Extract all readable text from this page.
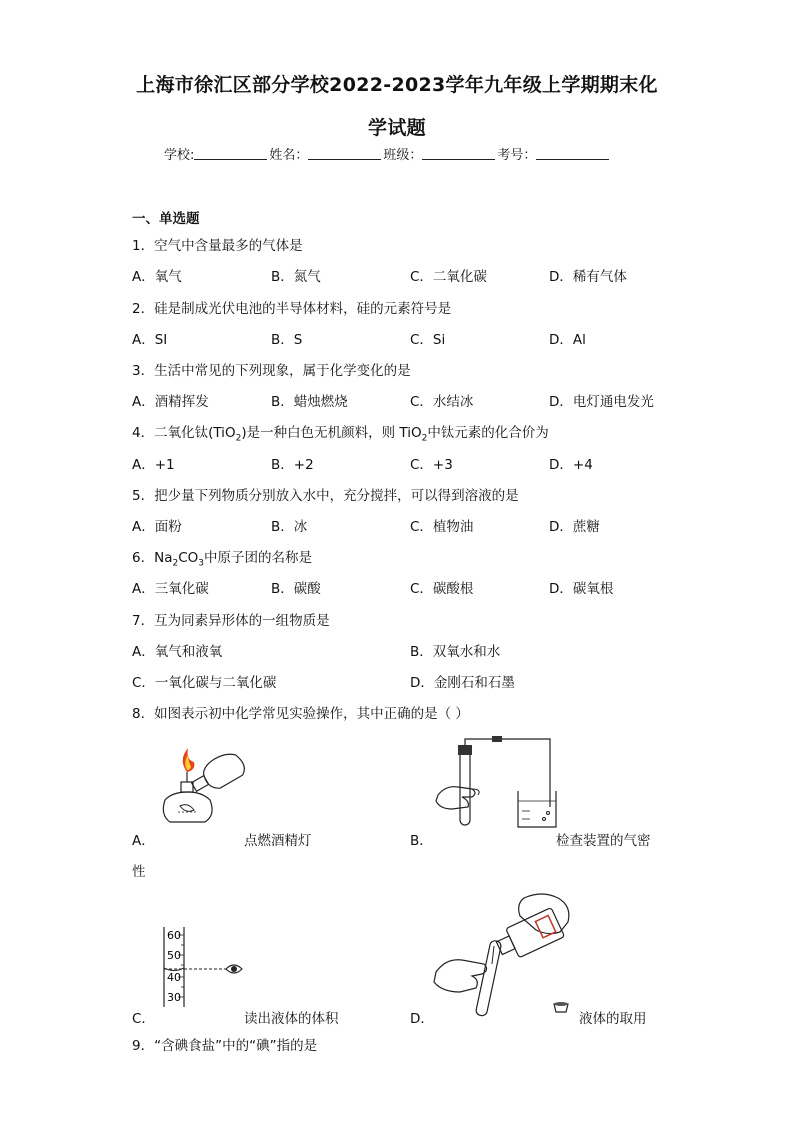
上海市徐汇区部分学校2022-2023学年九年级上学期期末化
学试题
学校:	姓名：	班级：	考号：
一、单选题
1．空气中含量最多的气体是
A．氧气	B．氮气	C．二氧化碳	D．稀有气体
2．硅是制成光伏电池的半导体材料，硅的元素符号是
A．SI	B．S	C．Si	D．Al
3．生活中常见的下列现象，属于化学变化的是
A．酒精挥发	B．蜡烛燃烧	C．水结冰	D．电灯通电发光
4．二氧化钛(TiO$_2$)是一种白色无机颜料，则 TiO$_2$中钛元素的化合价为
A．+1	B．+2	C．+3	D．+4
5．把少量下列物质分别放入水中，充分搅拌，可以得到溶液的是
A．面粉	B．冰	C．植物油	D．蔗糖
6．$Na_2CO_3$中原子团的名称是
A．三氧化碳	B．碳酸	C．碳酸根	D．碳氧根
7．互为同素异形体的一组物质是
A．氧气和液氧	B．双氧水和水
C．一氧化碳与二氧化碳	D．金刚石和石墨
8．如图表示初中化学常见实验操作，其中正确的是（ ）
A．	点燃酒精灯	B．	检查装置的气密
性
60
50
40
30
C．	读出液体的体积	D．	液体的取用
9．“含碘食盐”中的“碘”指的是
